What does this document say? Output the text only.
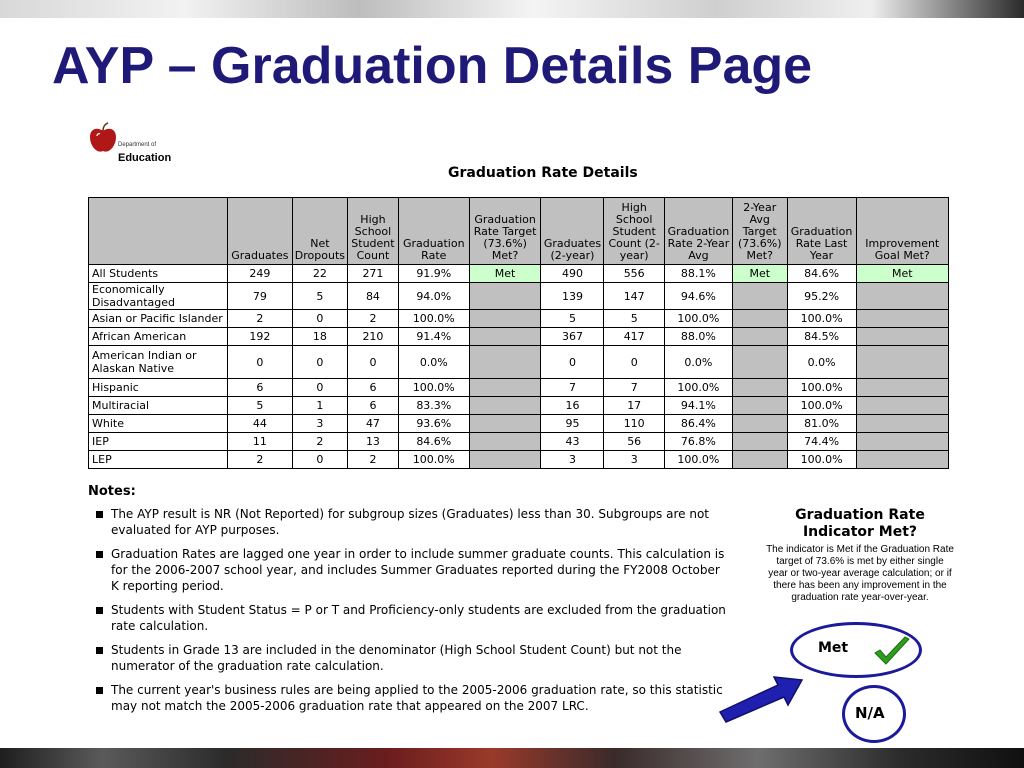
AYP – Graduation Details Page
Department of
Education
Graduation Rate Details
	Graduates	Net Dropouts	High School Student Count	Graduation Rate	Graduation Rate Target (73.6%) Met?	Graduates (2-year)	High School Student Count (2-year)	Graduation Rate 2-Year Avg	2-Year Avg Target (73.6%) Met?	Graduation Rate Last Year	Improvement Goal Met?
All Students	249	22	271	91.9%	Met	490	556	88.1%	Met	84.6%	Met
Economically Disadvantaged	79	5	84	94.0%		139	147	94.6%		95.2%	
Asian or Pacific Islander	2	0	2	100.0%		5	5	100.0%		100.0%	
African American	192	18	210	91.4%		367	417	88.0%		84.5%	
American Indian or Alaskan Native	0	0	0	0.0%		0	0	0.0%		0.0%	
Hispanic	6	0	6	100.0%		7	7	100.0%		100.0%	
Multiracial	5	1	6	83.3%		16	17	94.1%		100.0%	
White	44	3	47	93.6%		95	110	86.4%		81.0%	
IEP	11	2	13	84.6%		43	56	76.8%		74.4%	
LEP	2	0	2	100.0%		3	3	100.0%		100.0%	
Notes:
The AYP result is NR (Not Reported) for subgroup sizes (Graduates) less than 30. Subgroups are not evaluated for AYP purposes.
Graduation Rates are lagged one year in order to include summer graduate counts. This calculation is for the 2006-2007 school year, and includes Summer Graduates reported during the FY2008 October K reporting period.
Students with Student Status = P or T and Proficiency-only students are excluded from the graduation rate calculation.
Students in Grade 13 are included in the denominator (High School Student Count) but not the numerator of the graduation rate calculation.
The current year's business rules are being applied to the 2005-2006 graduation rate, so this statistic may not match the 2005-2006 graduation rate that appeared on the 2007 LRC.
Graduation Rate Indicator Met?
The indicator is Met if the Graduation Rate target of 73.6% is met by either single year or two-year average calculation; or if there has been any improvement in the graduation rate year-over-year.
Met
N/A
